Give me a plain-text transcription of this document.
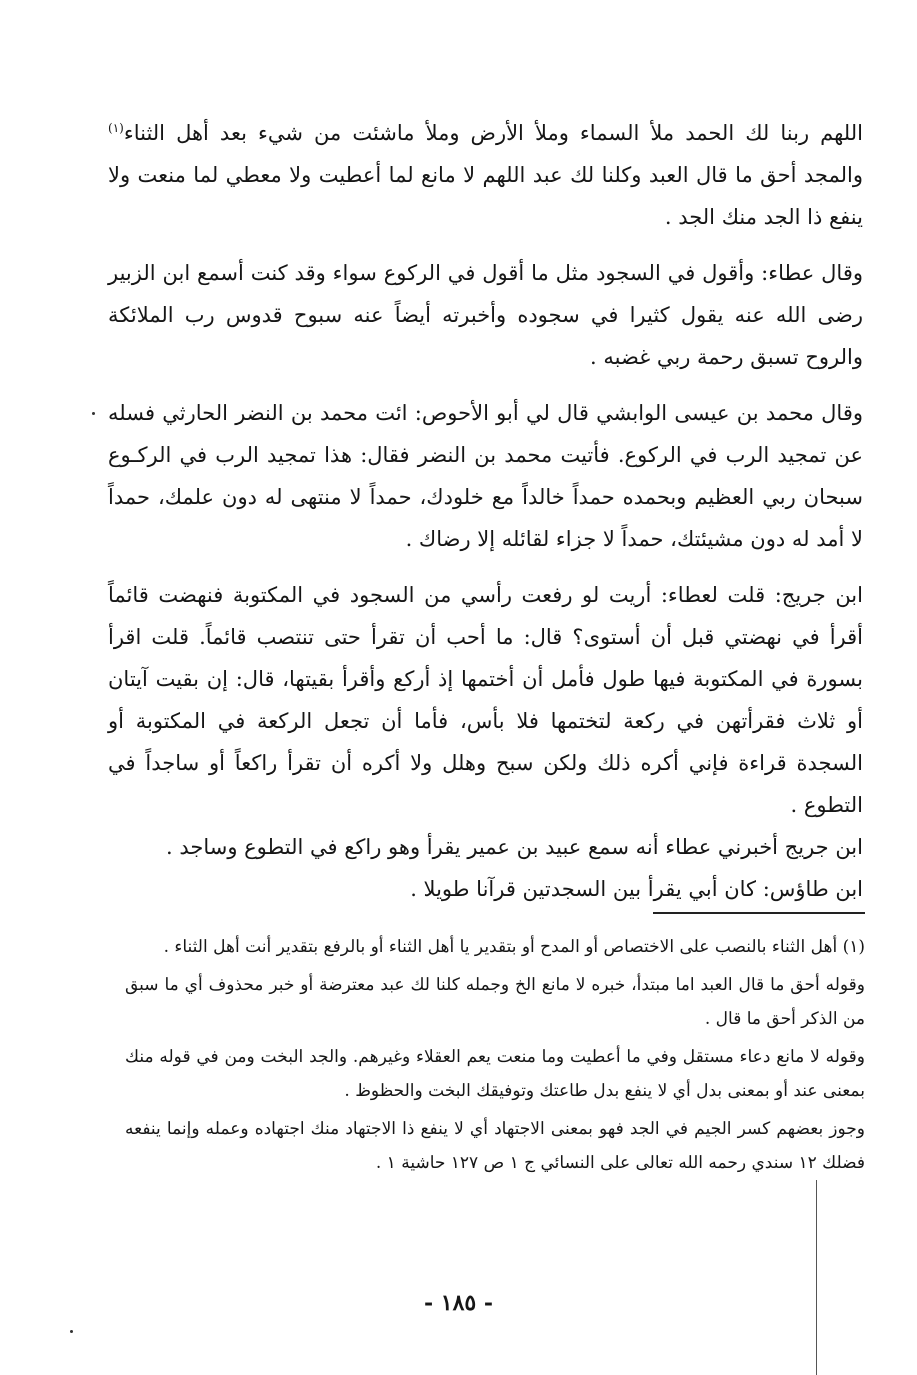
اللهم ربنا لك الحمد ملأ السماء وملأ الأرض وملأ ماشئت من شيء بعد أهل الثناء$^{(١)}$ والمجد أحق ما قال العبد وكلنا لك عبد اللهم لا مانع لما أعطيت ولا معطي لما منعت ولا ينفع ذا الجد منك الجد .

وقال عطاء: وأقول في السجود مثل ما أقول في الركوع سواء وقد كنت أسمع ابن الزبير رضى الله عنه يقول كثيرا في سجوده وأخبرته أيضاً عنه سبوح قدوس رب الملائكة والروح تسبق رحمة ربي غضبه .

وقال محمد بن عيسى الوابشي قال لي أبو الأحوص: ائت محمد بن النضر الحارثي فسله عن تمجيد الرب في الركوع. فأتيت محمد بن النضر فقال: هذا تمجيد الرب في الركـوع سبحان ربي العظيم وبحمده حمداً خالداً مع خلودك، حمداً لا منتهى له دون علمك، حمداً لا أمد له دون مشيئتك، حمداً لا جزاء لقائله إلا رضاك .

ابن جريج: قلت لعطاء: أريت لو رفعت رأسي من السجود في المكتوبة فنهضت قائماً أقرأ في نهضتي قبل أن أستوى؟ قال: ما أحب أن تقرأ حتى تنتصب قائماً. قلت اقرأ بسورة في المكتوبة فيها طول فأمل أن أختمها إذ أركع وأقرأ بقيتها، قال: إن بقيت آيتان أو ثلاث فقرأتهن في ركعة لتختمها فلا بأس، فأما أن تجعل الركعة في المكتوبة أو السجدة قراءة فإني أكره ذلك ولكن سبح وهلل ولا أكره أن تقرأ راكعاً أو ساجداً في التطوع .

ابن جريج أخبرني عطاء أنه سمع عبيد بن عمير يقرأ وهو راكع في التطوع وساجد .

ابن طاؤس: كان أبي يقرأ بين السجدتين قرآنا طويلا .

(١) أهل الثناء بالنصب على الاختصاص أو المدح أو بتقدير يا أهل الثناء أو بالرفع بتقدير أنت أهل الثناء .

وقوله أحق ما قال العبد اما مبتدأ، خبره لا مانع الخ وجمله كلنا لك عبد معترضة أو خبر محذوف أي ما سبق من الذكر أحق ما قال .

وقوله لا مانع دعاء مستقل وفي ما أعطيت وما منعت يعم العقلاء وغيرهم. والجد البخت ومن في قوله منك بمعنى عند أو بمعنى بدل أي لا ينفع بدل طاعتك وتوفيقك البخت والحظوظ .

وجوز بعضهم كسر الجيم في الجد فهو بمعنى الاجتهاد أي لا ينفع ذا الاجتهاد منك اجتهاده وعمله وإنما ينفعه فضلك ١٢ سندي رحمه الله تعالى على النسائي ج ١ ص ١٢٧ حاشية ١ .

- ١٨٥ -
